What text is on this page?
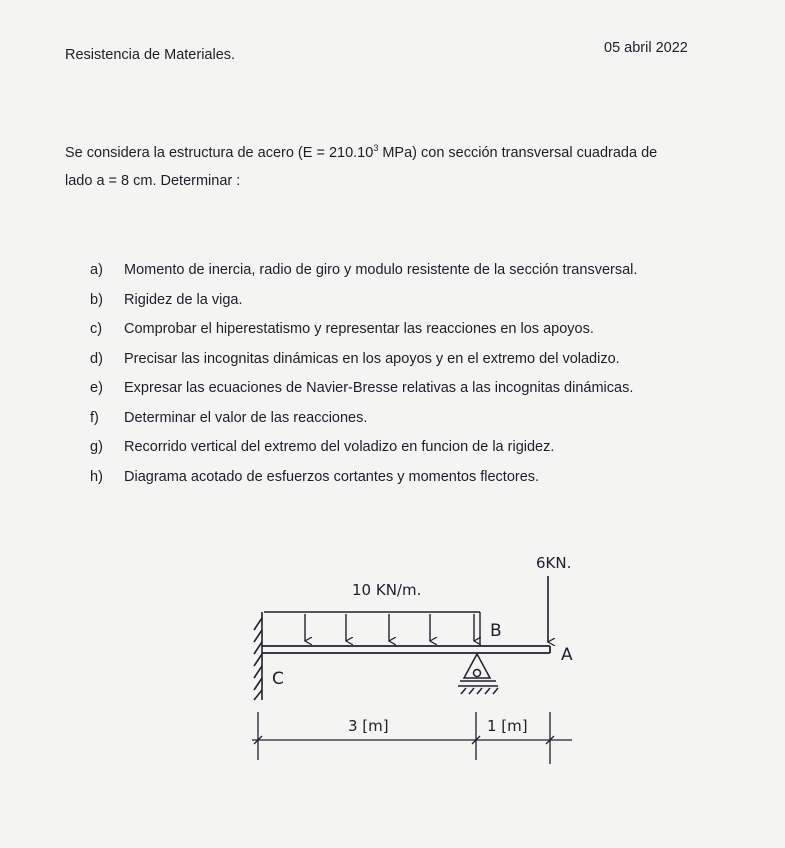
Resistencia de Materiales.	05 abril 2022
Se considera la estructura de acero ($E = 210.10^3$ MPa) con sección transversal cuadrada de
lado a = 8 cm. Determinar :
a) Momento de inercia, radio de giro y modulo resistente de la sección transversal.
b) Rigidez de la viga.
c) Comprobar el hiperestatismo y representar las reacciones en los apoyos.
d) Precisar las incognitas dinámicas en los apoyos y en el extremo del voladizo.
e) Expresar las ecuaciones de Navier-Bresse relativas a las incognitas dinámicas.
f) Determinar el valor de las reacciones.
g) Recorrido vertical del extremo del voladizo en funcion de la rigidez.
h) Diagrama acotado de esfuerzos cortantes y momentos flectores.
10 KN/m.
6KN.
C
B
A
3 [m]	1 [m]
